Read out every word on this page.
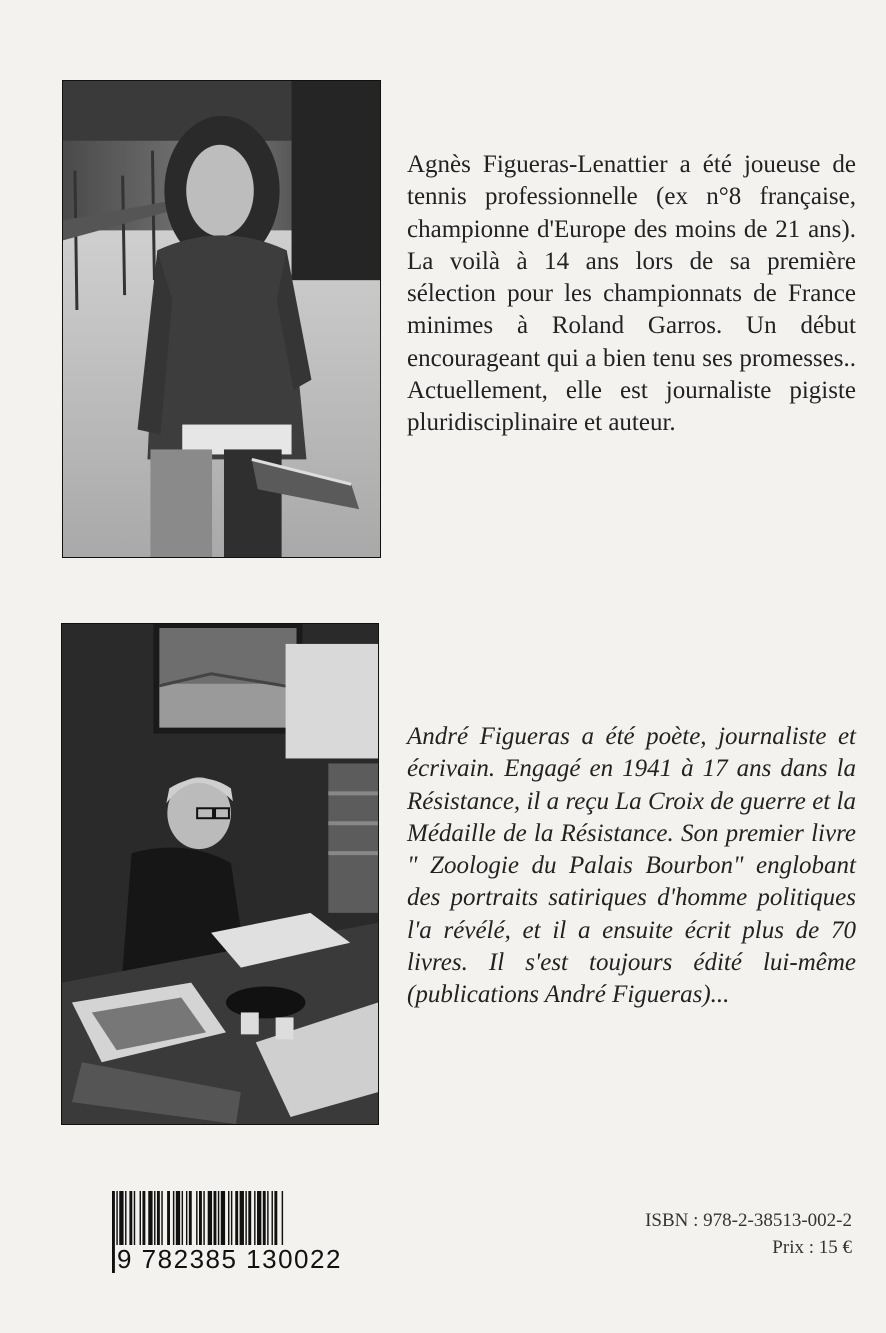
Agnès Figueras-Lenattier a été joueuse de tennis professionnelle (ex n°8 française, championne d'Europe des moins de 21 ans). La voilà à 14 ans lors de sa première sélection pour les championnats de France minimes à Roland Garros. Un début encourageant qui a bien tenu ses promesses.. Actuellement, elle est journaliste pigiste pluridisciplinaire et auteur.

André Figueras a été poète, journaliste et écrivain. Engagé en 1941 à 17 ans dans la Résistance, il a reçu La Croix de guerre et la Médaille de la Résistance. Son premier livre " Zoologie du Palais Bourbon" englobant des portraits satiriques d'homme politiques l'a révélé, et il a ensuite écrit plus de 70 livres. Il s'est toujours édité lui-même (publications André Figueras)...

9 782385 130022

ISBN : 978-2-38513-002-2

Prix : 15 €
